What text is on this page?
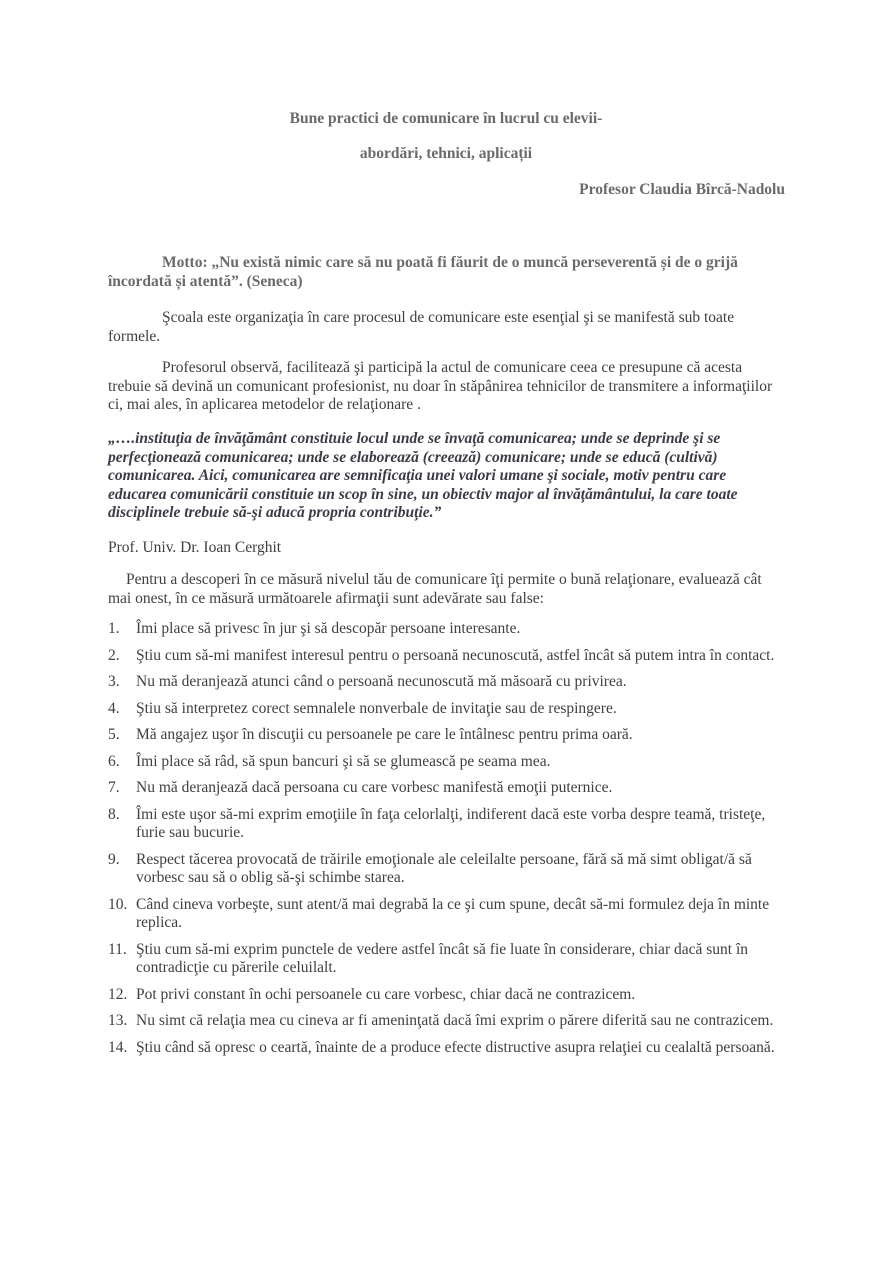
Bune practici de comunicare în lucrul cu elevii-
abordări, tehnici, aplicații
Profesor Claudia Bîrcă-Nadolu
Motto: „Nu există nimic care să nu poată fi făurit de o muncă perseverentă și de o grijă încordată și atentă”. (Seneca)
Şcoala este organizaţia în care procesul de comunicare este esenţial şi se manifestă sub toate formele.
Profesorul observă, facilitează şi participă la actul de comunicare ceea ce presupune că acesta trebuie să devină un comunicant profesionist, nu doar în stăpânirea tehnicilor de transmitere a informaţiilor ci, mai ales, în aplicarea metodelor de relaţionare .
„….instituţia de învăţământ constituie locul unde se învaţă comunicarea; unde se deprinde şi se perfecţionează comunicarea; unde se elaborează (creează) comunicare; unde se educă (cultivă) comunicarea. Aici, comunicarea are semnificaţia unei valori umane şi sociale, motiv pentru care educarea comunicării constituie un scop în sine, un obiectiv major al învăţământului, la care toate disciplinele trebuie să-şi aducă propria contribuţie.”
Prof. Univ. Dr. Ioan Cerghit
Pentru a descoperi în ce măsură nivelul tău de comunicare îţi permite o bună relaţionare, evaluează cât mai onest, în ce măsură următoarele afirmaţii sunt adevărate sau false:
1. Îmi place să privesc în jur şi să descopăr persoane interesante.
2. Ştiu cum să-mi manifest interesul pentru o persoană necunoscută, astfel încât să putem intra în contact.
3. Nu mă deranjează atunci când o persoană necunoscută mă măsoară cu privirea.
4. Ştiu să interpretez corect semnalele nonverbale de invitaţie sau de respingere.
5. Mă angajez uşor în discuţii cu persoanele pe care le întâlnesc pentru prima oară.
6. Îmi place să râd, să spun bancuri şi să se glumească pe seama mea.
7. Nu mă deranjează dacă persoana cu care vorbesc manifestă emoţii puternice.
8. Îmi este uşor să-mi exprim emoţiile în faţa celorlalţi, indiferent dacă este vorba despre teamă, tristeţe, furie sau bucurie.
9. Respect tăcerea provocată de trăirile emoţionale ale celeilalte persoane, fără să mă simt obligat/ă să vorbesc sau să o oblig să-şi schimbe starea.
10. Când cineva vorbeşte, sunt atent/ă mai degrabă la ce şi cum spune, decât să-mi formulez deja în minte replica.
11. Ştiu cum să-mi exprim punctele de vedere astfel încât să fie luate în considerare, chiar dacă sunt în contradicţie cu părerile celuilalt.
12. Pot privi constant în ochi persoanele cu care vorbesc, chiar dacă ne contrazicem.
13. Nu simt că relaţia mea cu cineva ar fi ameninţată dacă îmi exprim o părere diferită sau ne contrazicem.
14. Ştiu când să opresc o ceartă, înainte de a produce efecte distructive asupra relaţiei cu cealaltă persoană.
